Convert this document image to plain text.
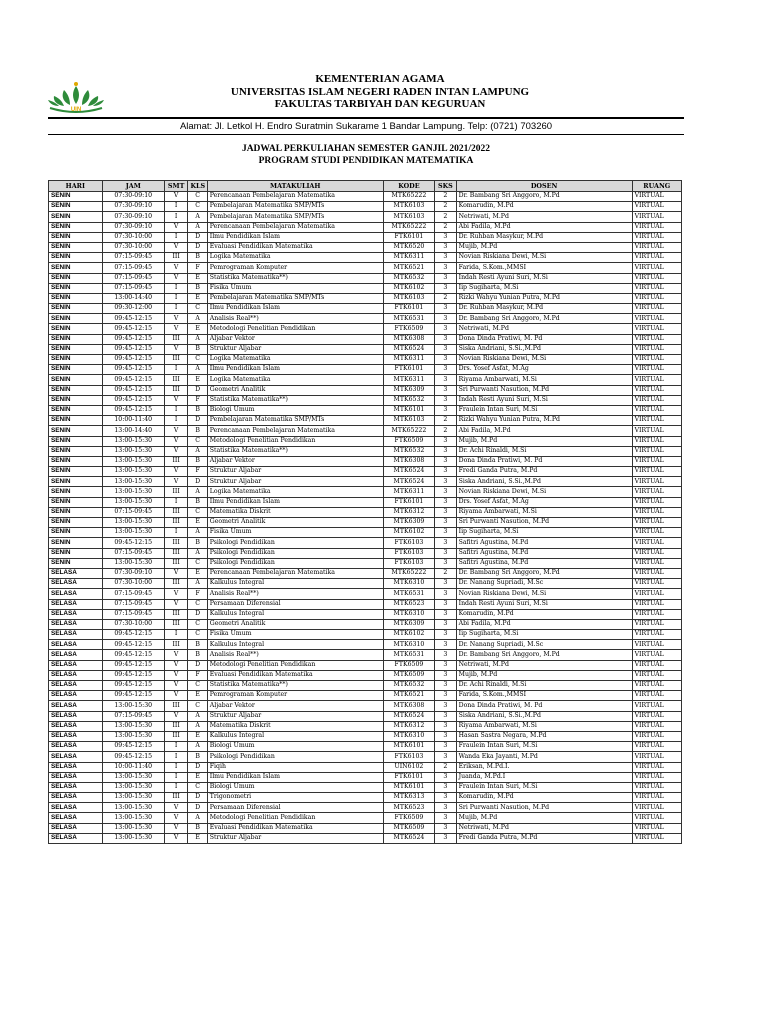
UIN
KEMENTERIAN AGAMA
UNIVERSITAS ISLAM NEGERI RADEN INTAN LAMPUNG
FAKULTAS TARBIYAH DAN KEGURUAN
Alamat: Jl. Letkol H. Endro Suratmin Sukarame 1 Bandar Lampung. Telp: (0721) 703260
JADWAL PERKULIAHAN SEMESTER GANJIL 2021/2022
PROGRAM STUDI PENDIDIKAN MATEMATIKA
HARI	JAM	SMT	KLS	MATAKULIAH	KODE	SKS	DOSEN	RUANG
SENIN	07:30-09:10	V	C	Perencanaan Pembelajaran Matematika	MTK65222	2	Dr. Bambang Sri Anggoro, M.Pd	VIRTUAL
SENIN	07:30-09:10	I	C	Pembelajaran Matematika SMP/MTs	MTK6103	2	Komarudin, M.Pd	VIRTUAL
SENIN	07:30-09:10	I	A	Pembelajaran Matematika SMP/MTs	MTK6103	2	Netriwati, M.Pd	VIRTUAL
SENIN	07:30-09:10	V	A	Perencanaan Pembelajaran Matematika	MTK65222	2	Abi Fadila, M.Pd	VIRTUAL
SENIN	07:30-10:00	I	D	Ilmu Pendidikan Islam	FTK6101	3	Dr. Ruhban Masykur, M.Pd	VIRTUAL
SENIN	07:30-10:00	V	D	Evaluasi Pendidikan Matematika	MTK6520	3	Mujib, M.Pd	VIRTUAL
SENIN	07:15-09:45	III	B	Logika Matematika	MTK6311	3	Novian Riskiana Dewi, M.Si	VIRTUAL
SENIN	07:15-09:45	V	F	Pemrograman Komputer	MTK6521	3	Farida, S.Kom.,MMSI	VIRTUAL
SENIN	07:15-09:45	V	E	Statistika Matematika**)	MTK6532	3	Indah Resti Ayuni Suri, M.Si	VIRTUAL
SENIN	07:15-09:45	I	B	Fisika Umum	MTK6102	3	Iip Sugiharta, M.Si	VIRTUAL
SENIN	13:00-14:40	I	E	Pembelajaran Matematika SMP/MTs	MTK6103	2	Rizki Wahyu Yunian Putra, M.Pd	VIRTUAL
SENIN	09:30-12:00	I	C	Ilmu Pendidikan Islam	FTK6101	3	Dr. Ruhban Masykur, M.Pd	VIRTUAL
SENIN	09:45-12:15	V	A	Analisis Real**)	MTK6531	3	Dr. Bambang Sri Anggoro, M.Pd	VIRTUAL
SENIN	09:45-12:15	V	E	Metodologi Penelitian Pendidikan	FTK6509	3	Netriwati, M.Pd	VIRTUAL
SENIN	09:45-12:15	III	A	Aljabar Vektor	MTK6308	3	Dona Dinda Pratiwi, M. Pd	VIRTUAL
SENIN	09:45-12:15	V	B	Struktur Aljabar	MTK6524	3	Siska Andriani, S.Si.,M.Pd	VIRTUAL
SENIN	09:45-12:15	III	C	Logika Matematika	MTK6311	3	Novian Riskiana Dewi, M.Si	VIRTUAL
SENIN	09:45-12:15	I	A	Ilmu Pendidikan Islam	FTK6101	3	Drs. Yosef Asfat, M.Ag	VIRTUAL
SENIN	09:45-12:15	III	E	Logika Matematika	MTK6311	3	Riyama Ambarwati, M.Si	VIRTUAL
SENIN	09:45-12:15	III	D	Geometri Analitik	MTK6309	3	Sri Purwanti Nasution, M.Pd	VIRTUAL
SENIN	09:45-12:15	V	F	Statistika Matematika**)	MTK6532	3	Indah Resti Ayuni Suri, M.Si	VIRTUAL
SENIN	09:45-12:15	I	B	Biologi Umum	MTK6101	3	Fraulein Intan Suri, M.Si	VIRTUAL
SENIN	10:00-11:40	I	D	Pembelajaran Matematika SMP/MTs	MTK6103	2	Rizki Wahyu Yunian Putra, M.Pd	VIRTUAL
SENIN	13:00-14:40	V	B	Perencanaan Pembelajaran Matematika	MTK65222	2	Abi Fadila, M.Pd	VIRTUAL
SENIN	13:00-15:30	V	C	Metodologi Penelitian Pendidikan	FTK6509	3	Mujib, M.Pd	VIRTUAL
SENIN	13:00-15:30	V	A	Statistika Matematika**)	MTK6532	3	Dr. Achi Rinaldi, M.Si	VIRTUAL
SENIN	13:00-15:30	III	B	Aljabar Vektor	MTK6308	3	Dona Dinda Pratiwi, M. Pd	VIRTUAL
SENIN	13:00-15:30	V	F	Struktur Aljabar	MTK6524	3	Fredi Ganda Putra, M.Pd	VIRTUAL
SENIN	13:00-15:30	V	D	Struktur Aljabar	MTK6524	3	Siska Andriani, S.Si.,M.Pd	VIRTUAL
SENIN	13:00-15:30	III	A	Logika Matematika	MTK6311	3	Novian Riskiana Dewi, M.Si	VIRTUAL
SENIN	13:00-15:30	I	B	Ilmu Pendidikan Islam	FTK6101	3	Drs. Yosef Asfat, M.Ag	VIRTUAL
SENIN	07:15-09:45	III	C	Matematika Diskrit	MTK6312	3	Riyama Ambarwati, M.Si	VIRTUAL
SENIN	13:00-15:30	III	E	Geometri Analitik	MTK6309	3	Sri Purwanti Nasution, M.Pd	VIRTUAL
SENIN	13:00-15:30	I	A	Fisika Umum	MTK6102	3	Iip Sugiharta, M.Si	VIRTUAL
SENIN	09:45-12:15	III	B	Psikologi Pendidikan	FTK6103	3	Safitri Agustina, M.Pd	VIRTUAL
SENIN	07:15-09:45	III	A	Psikologi Pendidikan	FTK6103	3	Safitri Agustina, M.Pd	VIRTUAL
SENIN	13:00-15:30	III	C	Psikologi Pendidikan	FTK6103	3	Safitri Agustina, M.Pd	VIRTUAL
SELASA	07:30-09:10	V	E	Perencanaan Pembelajaran Matematika	MTK65222	2	Dr. Bambang Sri Anggoro, M.Pd	VIRTUAL
SELASA	07:30-10:00	III	A	Kalkulus Integral	MTK6310	3	Dr. Nanang Supriadi, M.Sc	VIRTUAL
SELASA	07:15-09:45	V	F	Analisis Real**)	MTK6531	3	Novian Riskiana Dewi, M.Si	VIRTUAL
SELASA	07:15-09:45	V	C	Persamaan Diferensial	MTK6523	3	Indah Resti Ayuni Suri, M.Si	VIRTUAL
SELASA	07:15-09:45	III	D	Kalkulus Integral	MTK6310	3	Komarudin, M.Pd	VIRTUAL
SELASA	07:30-10:00	III	C	Geometri Analitik	MTK6309	3	Abi Fadila, M.Pd	VIRTUAL
SELASA	09:45-12:15	I	C	Fisika Umum	MTK6102	3	Iip Sugiharta, M.Si	VIRTUAL
SELASA	09:45-12:15	III	B	Kalkulus Integral	MTK6310	3	Dr. Nanang Supriadi, M.Sc	VIRTUAL
SELASA	09:45-12:15	V	B	Analisis Real**)	MTK6531	3	Dr. Bambang Sri Anggoro, M.Pd	VIRTUAL
SELASA	09:45-12:15	V	D	Metodologi Penelitian Pendidikan	FTK6509	3	Netriwati, M.Pd	VIRTUAL
SELASA	09:45-12:15	V	F	Evaluasi Pendidikan Matematika	MTK6509	3	Mujib, M.Pd	VIRTUAL
SELASA	09:45-12:15	V	C	Statistika Matematika**)	MTK6532	3	Dr. Achi Rinaldi, M.Si	VIRTUAL
SELASA	09:45-12:15	V	E	Pemrograman Komputer	MTK6521	3	Farida, S.Kom.,MMSI	VIRTUAL
SELASA	13:00-15:30	III	C	Aljabar Vektor	MTK6308	3	Dona Dinda Pratiwi, M. Pd	VIRTUAL
SELASA	07:15-09:45	V	A	Struktur Aljabar	MTK6524	3	Siska Andriani, S.Si.,M.Pd	VIRTUAL
SELASA	13:00-15:30	III	A	Matematika Diskrit	MTK6312	3	Riyama Ambarwati, M.Si	VIRTUAL
SELASA	13:00-15:30	III	E	Kalkulus Integral	MTK6310	3	Hasan Sastra Negara, M.Pd	VIRTUAL
SELASA	09:45-12:15	I	A	Biologi Umum	MTK6101	3	Fraulein Intan Suri, M.Si	VIRTUAL
SELASA	09:45-12:15	I	B	Psikologi Pendidikan	FTK6103	3	Wanda Eka Jayanti, M.Pd	VIRTUAL
SELASA	10:00-11:40	I	D	Fiqih	UIN6102	2	Eriksan, M.Pd.I.	VIRTUAL
SELASA	13:00-15:30	I	E	Ilmu Pendidikan Islam	FTK6101	3	Juanda, M.Pd.I	VIRTUAL
SELASA	13:00-15:30	I	C	Biologi Umum	MTK6101	3	Fraulein Intan Suri, M.Si	VIRTUAL
SELASA	13:00-15:30	III	D	Trigonometri	MTK6313	3	Komarudin, M.Pd	VIRTUAL
SELASA	13:00-15:30	V	D	Persamaan Diferensial	MTK6523	3	Sri Purwanti Nasution, M.Pd	VIRTUAL
SELASA	13:00-15:30	V	A	Metodologi Penelitian Pendidikan	FTK6509	3	Mujib, M.Pd	VIRTUAL
SELASA	13:00-15:30	V	B	Evaluasi Pendidikan Matematika	MTK6509	3	Netriwati, M.Pd	VIRTUAL
SELASA	13:00-15:30	V	E	Struktur Aljabar	MTK6524	3	Fredi Ganda Putra, M.Pd	VIRTUAL
